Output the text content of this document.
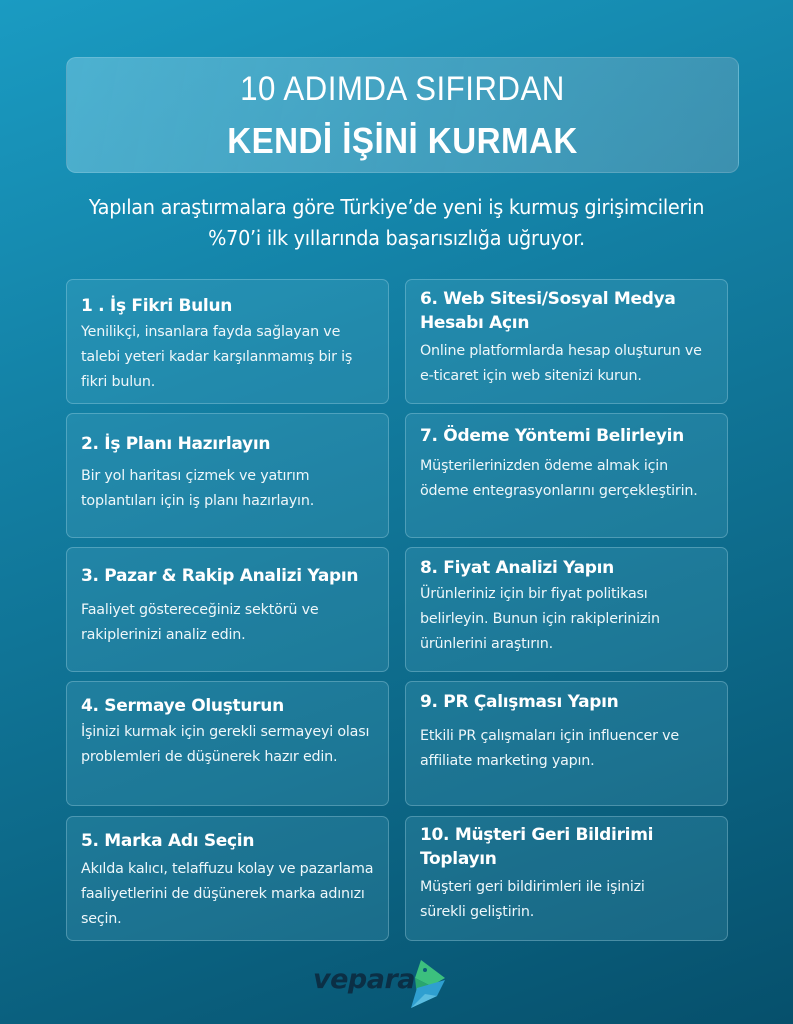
10 ADIMDA SIFIRDAN
KENDİ İŞİNİ KURMAK
Yapılan araştırmalara göre Türkiye’de yeni iş kurmuş girişimcilerin
%70’i ilk yıllarında başarısızlığa uğruyor.
1 . İş Fikri Bulun
Yenilikçi, insanlara fayda sağlayan ve talebi yeteri kadar karşılanmamış bir iş fikri bulun.
2. İş Planı Hazırlayın
Bir yol haritası çizmek ve yatırım toplantıları için iş planı hazırlayın.
3. Pazar & Rakip Analizi Yapın
Faaliyet göstereceğiniz sektörü ve rakiplerinizi analiz edin.
4. Sermaye Oluşturun
İşinizi kurmak için gerekli sermayeyi olası problemleri de düşünerek hazır edin.
5. Marka Adı Seçin
Akılda kalıcı, telaffuzu kolay ve pazarlama faaliyetlerini de düşünerek marka adınızı seçin.
6. Web Sitesi/Sosyal Medya Hesabı Açın
Online platformlarda hesap oluşturun ve e-ticaret için web sitenizi kurun.
7. Ödeme Yöntemi Belirleyin
Müşterilerinizden ödeme almak için ödeme entegrasyonlarını gerçekleştirin.
8. Fiyat Analizi Yapın
Ürünleriniz için bir fiyat politikası belirleyin. Bunun için rakiplerinizin ürünlerini araştırın.
9. PR Çalışması Yapın
Etkili PR çalışmaları için influencer ve affiliate marketing yapın.
10. Müşteri Geri Bildirimi Toplayın
Müşteri geri bildirimleri ile işinizi sürekli geliştirin.
vepara
